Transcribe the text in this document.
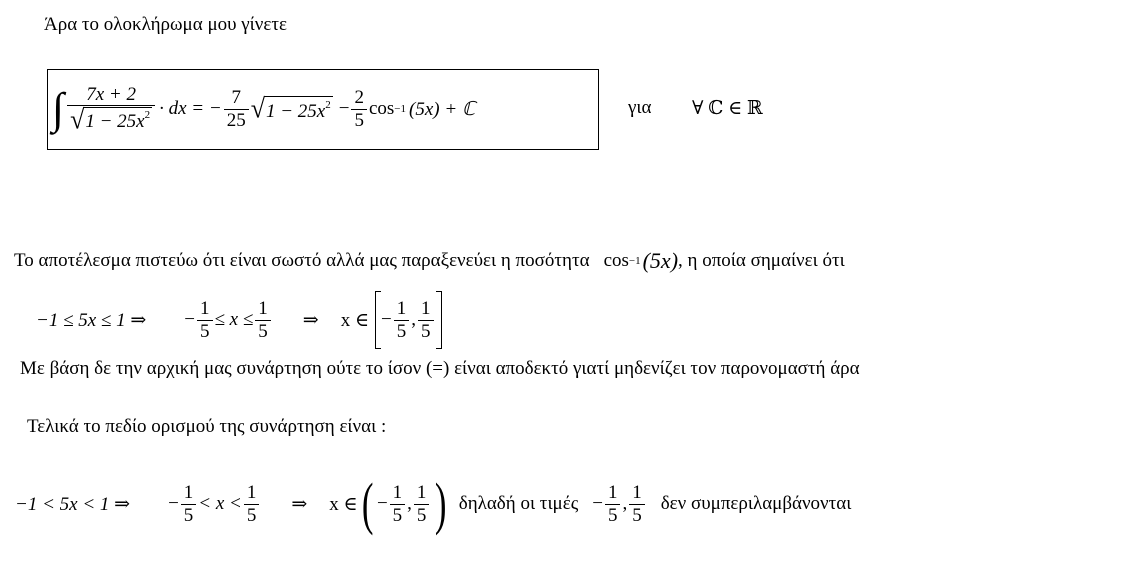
Άρα το ολοκλήρωμα μου γίνετε
∫ $\frac{7x + 2}{√ 1 - 25x^2}$ · dx = − $\frac{7}{25}$ √ $1 - 25x^2 - \frac{2}{5}$ cos −1 (5x) + ℂ	για ∀ ℂ ∈ ℝ
Το αποτέλεσμα πιστεύω ότι είναι σωστό αλλά μας παραξενεύει η ποσότητα cos −1 (5x) , η οποία σημαίνει ότι
−1 ≤ 5x ≤ 1 ⇒ − $\frac{1}{5} \le x \le \frac{1}{5}$ ⇒ x ∈ − $\frac{1}{5}$ , $\frac{1}{5}$
Με βάση δε την αρχική μας συνάρτηση ούτε το ίσον (=) είναι αποδεκτό γιατί μηδενίζει τον παρονομαστή άρα
Τελικά το πεδίο ορισμού της συνάρτηση είναι :
−1 < 5x < 1 ⇒ − $\frac{1}{5} < x < \frac{1}{5}$ ⇒ x ∈ ( − $\frac{1}{5}$ , $\frac{1}{5}$ ) δηλαδή οι $\tau\iota\mu έ\varsigma - \frac{1}{5}$ , $\frac{1}{5}$ δεν συμπεριλαμβάνονται
